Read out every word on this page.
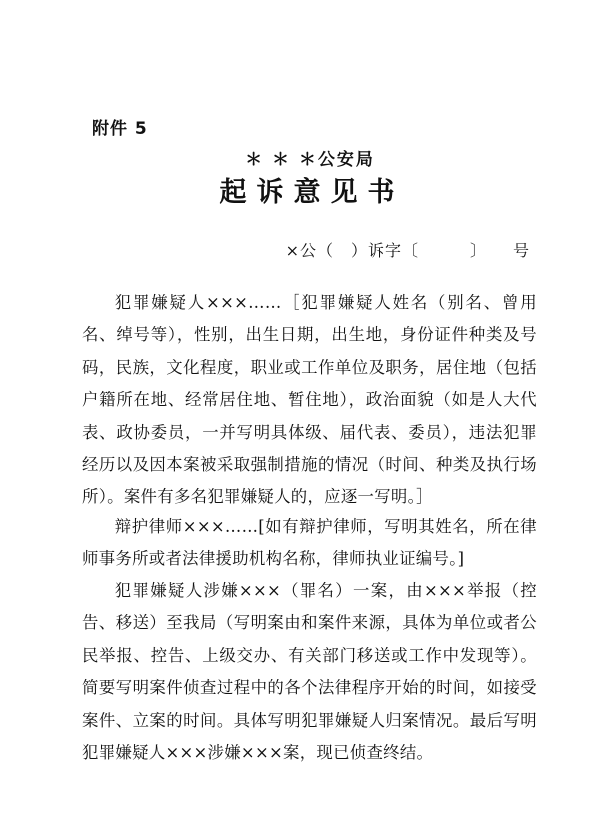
附件 5
＊ ＊ ＊公安局
起诉意见书
×公（　）诉字〔　　　〕　　号

犯罪嫌疑人×××……［犯罪嫌疑人姓名（别名、曾用名、绰号等），性别，出生日期，出生地，身份证件种类及号码，民族，文化程度，职业或工作单位及职务，居住地（包括户籍所在地、经常居住地、暂住地），政治面貌（如是人大代表、政协委员，一并写明具体级、届代表、委员），违法犯罪经历以及因本案被采取强制措施的情况（时间、种类及执行场所）。案件有多名犯罪嫌疑人的，应逐一写明。］

辩护律师×××……[如有辩护律师，写明其姓名，所在律师事务所或者法律援助机构名称，律师执业证编号。]

犯罪嫌疑人涉嫌×××（罪名）一案，由×××举报（控告、移送）至我局（写明案由和案件来源，具体为单位或者公民举报、控告、上级交办、有关部门移送或工作中发现等）。简要写明案件侦查过程中的各个法律程序开始的时间，如接受案件、立案的时间。具体写明犯罪嫌疑人归案情况。最后写明犯罪嫌疑人×××涉嫌×××案，现已侦查终结。
